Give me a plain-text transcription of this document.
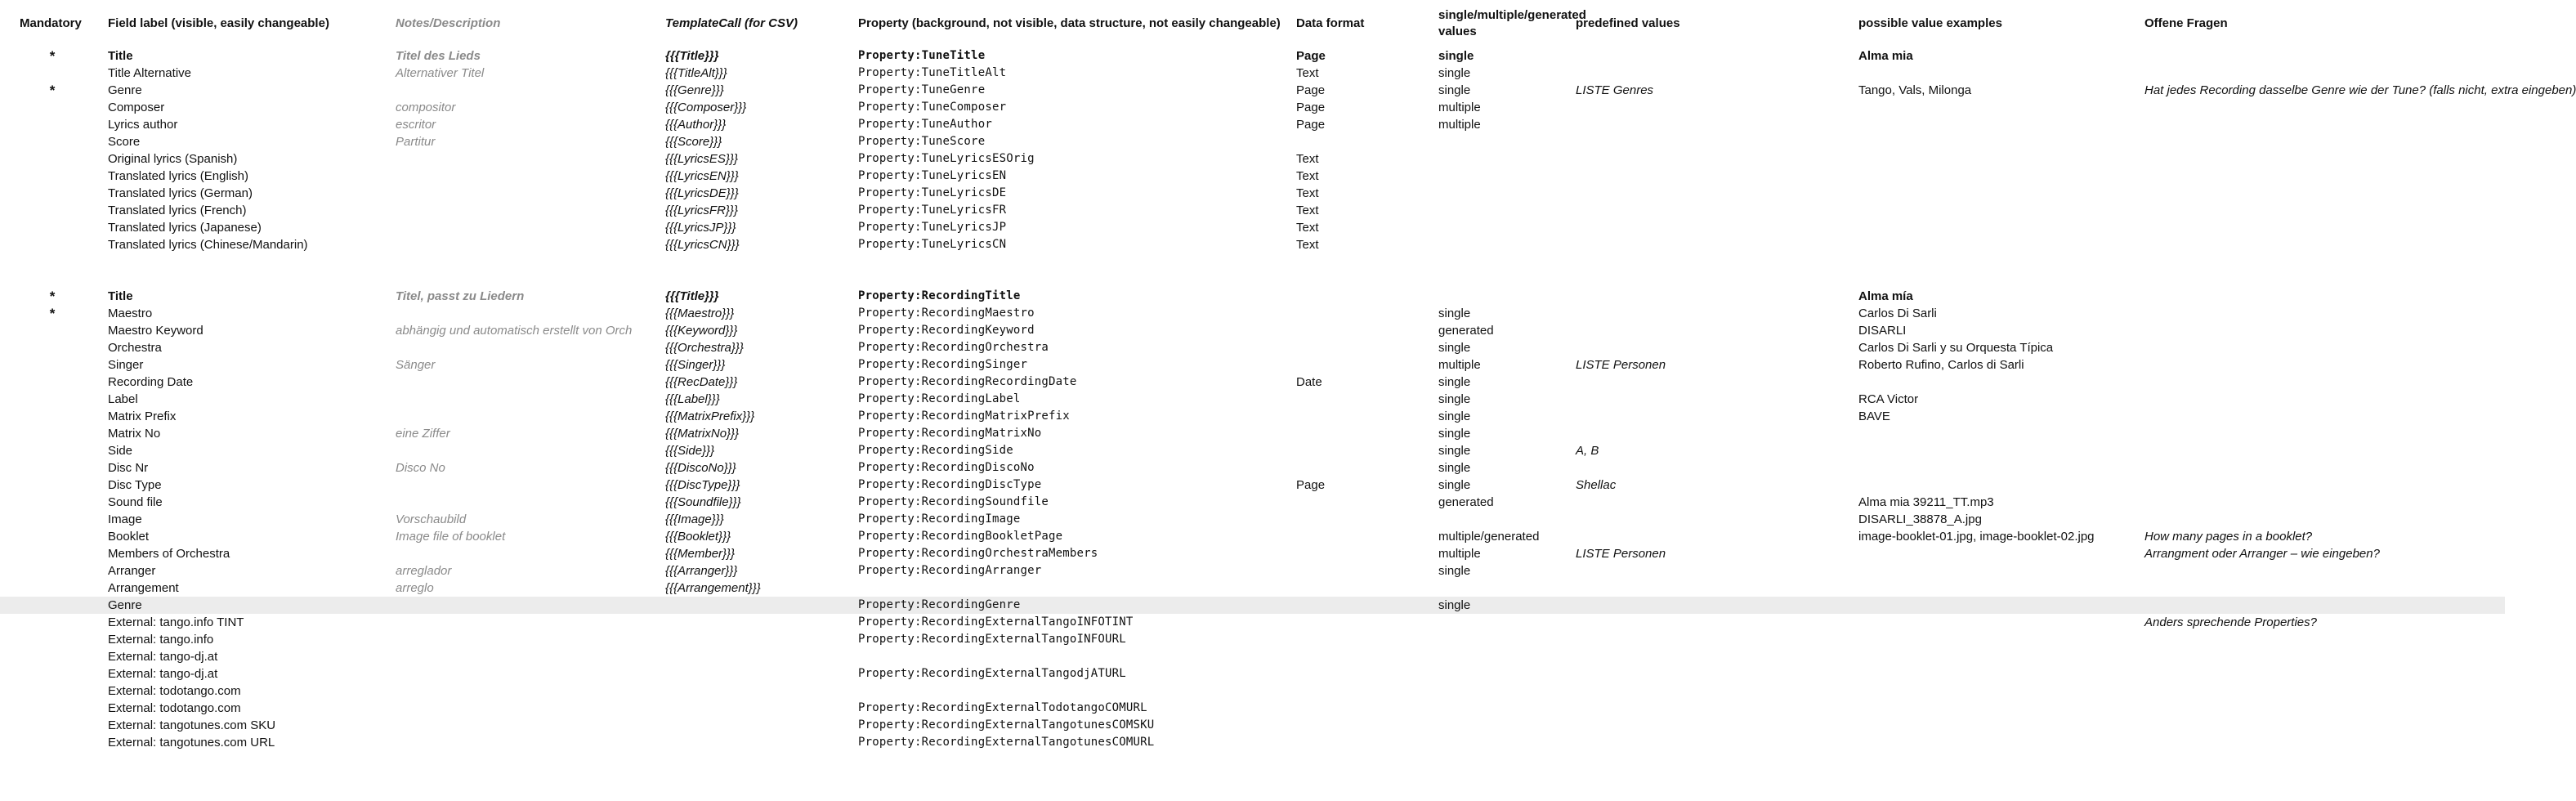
Mandatory	Field label (visible, easily changeable)	Notes/Description	TemplateCall (for CSV)	Property (background, not visible, data structure, not easily changeable)	Data format	single/multiple/generated values	predefined values	possible value examples	Offene Fragen
*	Title	Titel des Lieds	{{{Title}}}	Property:TuneTitle	Page	single		Alma mia	
	Title Alternative	Alternativer Titel	{{{TitleAlt}}}	Property:TuneTitleAlt	Text	single			
*	Genre		{{{Genre}}}	Property:TuneGenre	Page	single	LISTE Genres	Tango, Vals, Milonga	Hat jedes Recording dasselbe Genre wie der Tune? (falls nicht, extra eingeben)
	Composer	compositor	{{{Composer}}}	Property:TuneComposer	Page	multiple			
	Lyrics author	escritor	{{{Author}}}	Property:TuneAuthor	Page	multiple			
	Score	Partitur	{{{Score}}}	Property:TuneScore					
	Original lyrics (Spanish)		{{{LyricsES}}}	Property:TuneLyricsESOrig	Text				
	Translated lyrics (English)		{{{LyricsEN}}}	Property:TuneLyricsEN	Text				
	Translated lyrics (German)		{{{LyricsDE}}}	Property:TuneLyricsDE	Text				
	Translated lyrics (French)		{{{LyricsFR}}}	Property:TuneLyricsFR	Text				
	Translated lyrics (Japanese)		{{{LyricsJP}}}	Property:TuneLyricsJP	Text				
	Translated lyrics (Chinese/Mandarin)		{{{LyricsCN}}}	Property:TuneLyricsCN	Text				

*	Title	Titel, passt zu Liedern	{{{Title}}}	Property:RecordingTitle				Alma mía	
*	Maestro		{{{Maestro}}}	Property:RecordingMaestro		single		Carlos Di Sarli	
	Maestro Keyword	abhängig und automatisch erstellt von Orch	{{{Keyword}}}	Property:RecordingKeyword		generated		DISARLI	
	Orchestra		{{{Orchestra}}}	Property:RecordingOrchestra		single		Carlos Di Sarli y su Orquesta Típica	
	Singer	Sänger	{{{Singer}}}	Property:RecordingSinger		multiple	LISTE Personen	Roberto Rufino, Carlos di Sarli	
	Recording Date		{{{RecDate}}}	Property:RecordingRecordingDate	Date	single			
	Label		{{{Label}}}	Property:RecordingLabel		single		RCA Victor	
	Matrix Prefix		{{{MatrixPrefix}}}	Property:RecordingMatrixPrefix		single		BAVE	
	Matrix No	eine Ziffer	{{{MatrixNo}}}	Property:RecordingMatrixNo		single			
	Side		{{{Side}}}	Property:RecordingSide		single	A, B		
	Disc Nr	Disco No	{{{DiscoNo}}}	Property:RecordingDiscoNo		single			
	Disc Type		{{{DiscType}}}	Property:RecordingDiscType	Page	single	Shellac		
	Sound file		{{{Soundfile}}}	Property:RecordingSoundfile		generated		Alma mia 39211_TT.mp3	
	Image	Vorschaubild	{{{Image}}}	Property:RecordingImage				DISARLI_38878_A.jpg	
	Booklet	Image file of booklet	{{{Booklet}}}	Property:RecordingBookletPage		multiple/generated		image-booklet-01.jpg, image-booklet-02.jpg	How many pages in a booklet?
	Members of Orchestra		{{{Member}}}	Property:RecordingOrchestraMembers		multiple	LISTE Personen		Arrangment oder Arranger – wie eingeben?
	Arranger	arreglador	{{{Arranger}}}	Property:RecordingArranger		single			
	Arrangement	arreglo	{{{Arrangement}}}						
	Genre			Property:RecordingGenre		single			
	External: tango.info TINT			Property:RecordingExternalTangoINFOTINT					Anders sprechende Properties?
	External: tango.info			Property:RecordingExternalTangoINFOURL					
	External: tango-dj.at								
	External: tango-dj.at			Property:RecordingExternalTangodjATURL					
	External: todotango.com								
	External: todotango.com			Property:RecordingExternalTodotangoCOMURL					
	External: tangotunes.com SKU			Property:RecordingExternalTangotunesCOMSKU					
	External: tangotunes.com URL			Property:RecordingExternalTangotunesCOMURL					
